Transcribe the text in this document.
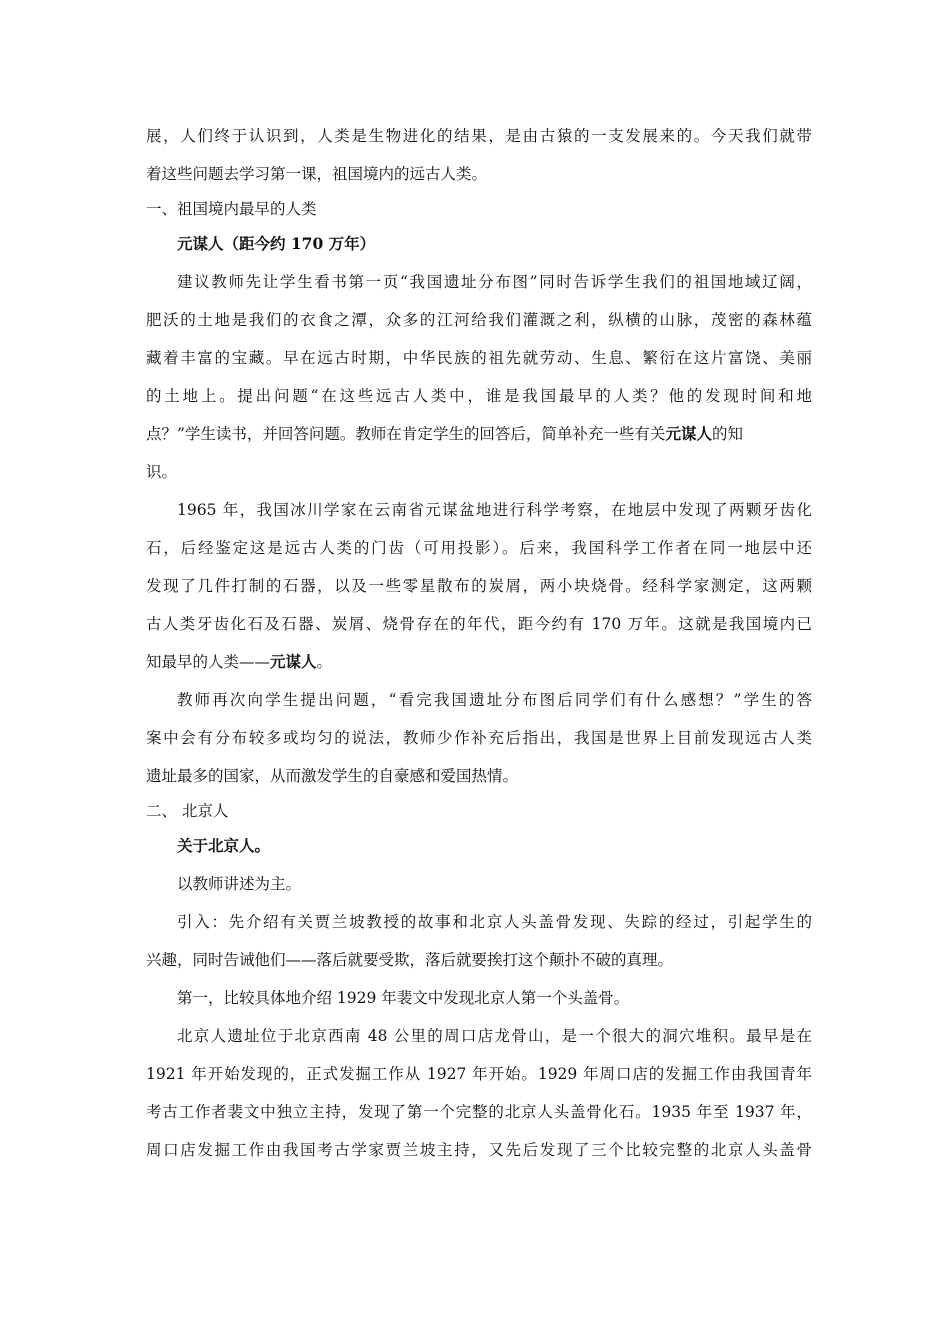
展，人们终于认识到，人类是生物进化的结果，是由古猿的一支发展来的。今天我们就带
着这些问题去学习第一课，祖国境内的远古人类。
一、祖国境内最早的人类
元谋人（距今约 170 万年）
建议教师先让学生看书第一页“我国遗址分布图”同时告诉学生我们的祖国地域辽阔，
肥沃的土地是我们的衣食之潭，众多的江河给我们灌溉之利，纵横的山脉，茂密的森林蕴
藏着丰富的宝藏。早在远古时期，中华民族的祖先就劳动、生息、繁衍在这片富饶、美丽
的土地上。提出问题“在这些远古人类中，谁是我国最早的人类？他的发现时间和地
点？”学生读书，并回答问题。教师在肯定学生的回答后，简单补充一些有关元谋人的知
识。
1965 年，我国冰川学家在云南省元谋盆地进行科学考察，在地层中发现了两颗牙齿化
石，后经鉴定这是远古人类的门齿（可用投影）。后来，我国科学工作者在同一地层中还
发现了几件打制的石器，以及一些零星散布的炭屑，两小块烧骨。经科学家测定，这两颗
古人类牙齿化石及石器、炭屑、烧骨存在的年代，距今约有 170 万年。这就是我国境内已
知最早的人类——元谋人。
教师再次向学生提出问题，“看完我国遗址分布图后同学们有什么感想？”学生的答
案中会有分布较多或均匀的说法，教师少作补充后指出，我国是世界上目前发现远古人类
遗址最多的国家，从而激发学生的自豪感和爱国热情。
二、 北京人
关于北京人。
以教师讲述为主。
引入：先介绍有关贾兰坡教授的故事和北京人头盖骨发现、失踪的经过，引起学生的
兴趣，同时告诫他们——落后就要受欺，落后就要挨打这个颠扑不破的真理。
第一，比较具体地介绍 1929 年裴文中发现北京人第一个头盖骨。
北京人遗址位于北京西南 48 公里的周口店龙骨山，是一个很大的洞穴堆积。最早是在
1921 年开始发现的，正式发掘工作从 1927 年开始。1929 年周口店的发掘工作由我国青年
考古工作者裴文中独立主持，发现了第一个完整的北京人头盖骨化石。1935 年至 1937 年，
周口店发掘工作由我国考古学家贾兰坡主持，又先后发现了三个比较完整的北京人头盖骨
